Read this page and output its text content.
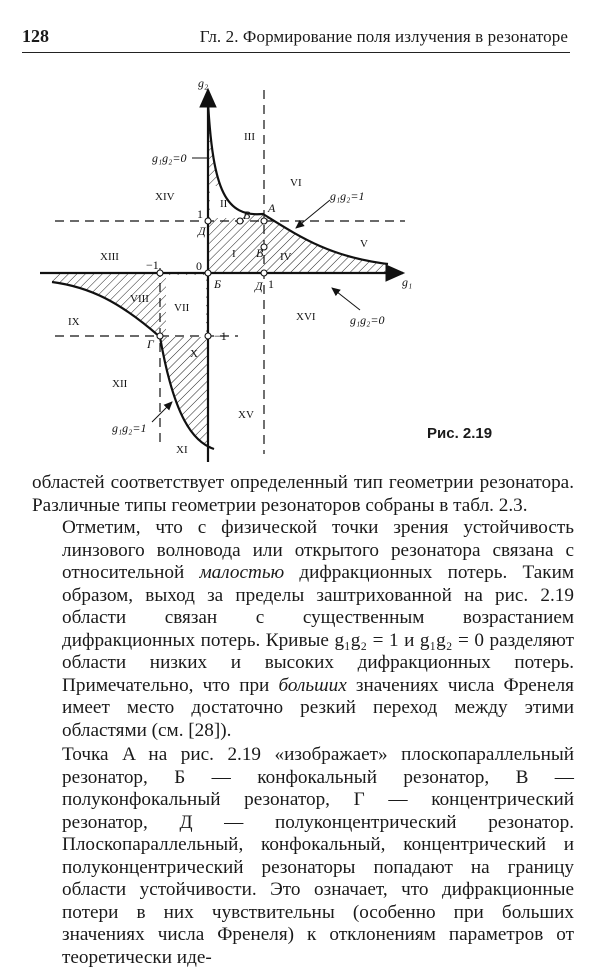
128	Гл. 2. Формирование поля излучения в резонаторе
g₂
g₁
1
0
−1
−1
1
A
B
B
Д
Д
Б
Г
g₁g₂=0
g₁g₂=1
g₁g₂=1
g₁g₂=0
I
II
III
IV
V
VI
VII
VIII
IX
X
XI
XII
XIII
XIV
XV
XVI
Рис. 2.19

областей соответствует определенный тип геометрии резонатора. Различные типы геометрии резонаторов собраны в табл. 2.3.

Отметим, что с физической точки зрения устойчивость линзового волновода или открытого резонатора связана с относительной малостью дифракционных потерь. Таким образом, выход за пределы заштрихованной на рис. 2.19 области связан с существенным возрастанием дифракционных потерь. Кривые g₁g₂ = 1 и g₁g₂ = 0 разделяют области низких и высоких дифракционных потерь. Примечательно, что при больших значениях числа Френеля имеет место достаточно резкий переход между этими областями (см. [28]).

Точка A на рис. 2.19 «изображает» плоскопараллельный резонатор, Б — конфокальный резонатор, B — полуконфокальный резонатор, Г — концентрический резонатор, Д — полуконцентрический резонатор. Плоскопараллельный, конфокальный, концентрический и полуконцентрический резонаторы попадают на границу области устойчивости. Это означает, что дифракционные потери в них чувствительны (особенно при больших значениях числа Френеля) к отклонениям параметров от теоретически иде-
